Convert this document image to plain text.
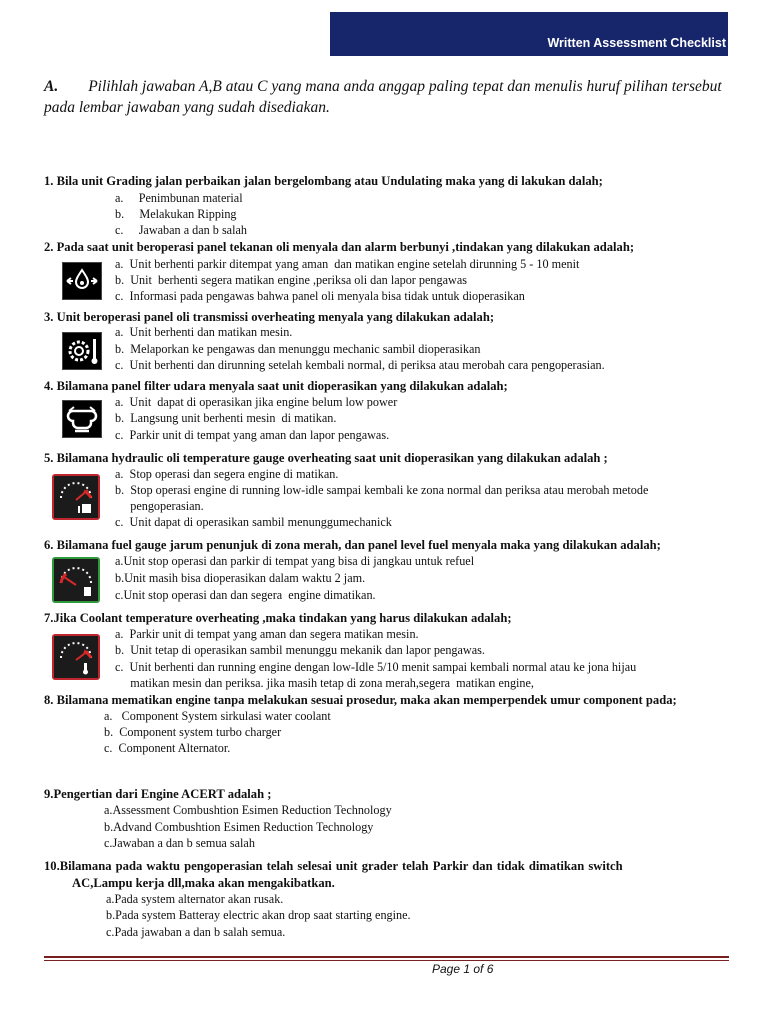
Written Assessment Checklist
A. Pilihlah jawaban A,B atau C yang mana anda anggap paling tepat dan menulis huruf pilihan tersebut pada lembar jawaban yang sudah disediakan.
1. Bila unit Grading jalan perbaikan jalan bergelombang atau Undulating maka yang di lakukan dalah;
a.     Penimbunan material
b.     Melakukan Ripping
c.     Jawaban a dan b salah
2. Pada saat unit beroperasi panel tekanan oli menyala dan alarm berbunyi ,tindakan yang dilakukan adalah;
a.  Unit berhenti parkir ditempat yang aman  dan matikan engine setelah dirunning 5 - 10 menit
b.  Unit  berhenti segera matikan engine ,periksa oli dan lapor pengawas
c.  Informasi pada pengawas bahwa panel oli menyala bisa tidak untuk dioperasikan
3. Unit beroperasi panel oli transmissi overheating menyala yang dilakukan adalah;
a.  Unit berhenti dan matikan mesin.
b.  Melaporkan ke pengawas dan menunggu mechanic sambil dioperasikan
c.  Unit berhenti dan dirunning setelah kembali normal, di periksa atau merobah cara pengoperasian.
4. Bilamana panel filter udara menyala saat unit dioperasikan yang dilakukan adalah;
a.  Unit  dapat di operasikan jika engine belum low power
b.  Langsung unit berhenti mesin  di matikan.
c.  Parkir unit di tempat yang aman dan lapor pengawas.
5. Bilamana hydraulic oli temperature gauge overheating saat unit dioperasikan yang dilakukan adalah ;
a.  Stop operasi dan segera engine di matikan.
b.  Stop operasi engine di running low-idle sampai kembali ke zona normal dan periksa atau merobah metode
pengoperasian.
c.  Unit dapat di operasikan sambil menunggumechanick
6. Bilamana fuel gauge jarum penunjuk di zona merah, dan panel level fuel menyala maka yang dilakukan adalah;
a.Unit stop operasi dan parkir di tempat yang bisa di jangkau untuk refuel
b.Unit masih bisa dioperasikan dalam waktu 2 jam.
c.Unit stop operasi dan dan segera  engine dimatikan.
7.Jika Coolant temperature overheating ,maka tindakan yang harus dilakukan adalah;
a.  Parkir unit di tempat yang aman dan segera matikan mesin.
b.  Unit tetap di operasikan sambil menunggu mekanik dan lapor pengawas.
c.  Unit berhenti dan running engine dengan low-Idle 5/10 menit sampai kembali normal atau ke jona hijau
matikan mesin dan periksa. jika masih tetap di zona merah,segera  matikan engine,
8. Bilamana mematikan engine tanpa melakukan sesuai prosedur, maka akan memperpendek umur component pada;
a.   Component System sirkulasi water coolant
b.  Component system turbo charger
c.  Component Alternator.
9.Pengertian dari Engine ACERT adalah ;
a.Assessment Combushtion Esimen Reduction Technology
b.Advand Combushtion Esimen Reduction Technology
c.Jawaban a dan b semua salah
10.Bilamana pada waktu pengoperasian telah selesai unit grader telah Parkir dan tidak dimatikan switch
AC,Lampu kerja dll,maka akan mengakibatkan.
a.Pada system alternator akan rusak.
b.Pada system Batteray electric akan drop saat starting engine.
c.Pada jawaban a dan b salah semua.
Page 1 of 6
